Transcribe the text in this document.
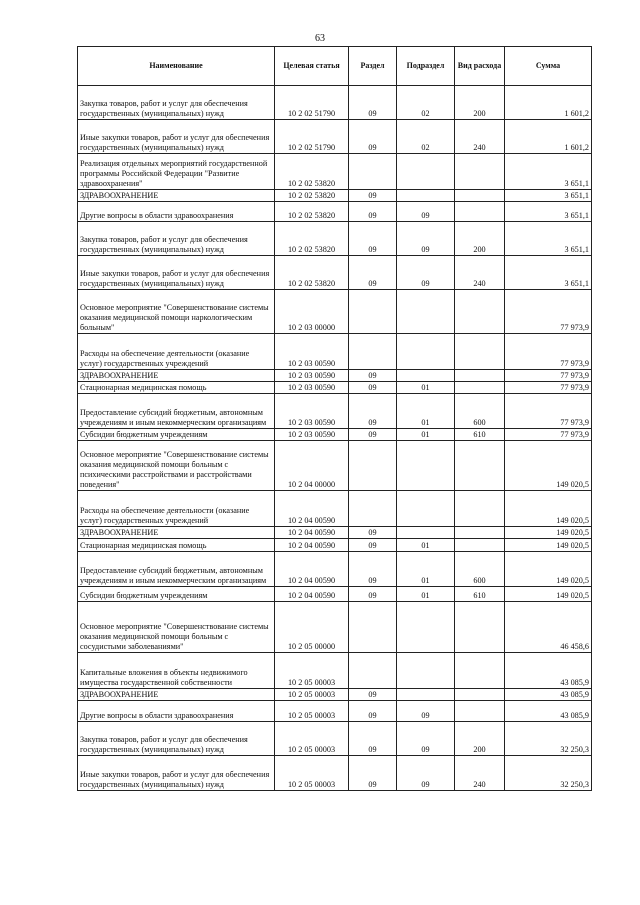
63
Наименование	Целевая статья	Раздел	Подраздел	Вид расхода	Сумма
Закупка товаров, работ и услуг для обеспечения государственных (муниципальных) нужд	10 2 02 51790	09	02	200	1 601,2
Иные закупки товаров, работ и услуг для обеспечения государственных (муниципальных) нужд	10 2 02 51790	09	02	240	1 601,2
Реализация отдельных мероприятий государственной программы Российской Федерации "Развитие здравоохранения"	10 2 02 53820				3 651,1
ЗДРАВООХРАНЕНИЕ	10 2 02 53820	09			3 651,1
Другие вопросы в области здравоохранения	10 2 02 53820	09	09		3 651,1
Закупка товаров, работ и услуг для обеспечения государственных (муниципальных) нужд	10 2 02 53820	09	09	200	3 651,1
Иные закупки товаров, работ и услуг для обеспечения государственных (муниципальных) нужд	10 2 02 53820	09	09	240	3 651,1
Основное мероприятие "Совершенствование системы оказания медицинской помощи наркологическим больным"	10 2 03 00000				77 973,9
Расходы на обеспечение деятельности (оказание услуг) государственных учреждений	10 2 03 00590				77 973,9
ЗДРАВООХРАНЕНИЕ	10 2 03 00590	09			77 973,9
Стационарная медицинская помощь	10 2 03 00590	09	01		77 973,9
Предоставление субсидий бюджетным, автономным учреждениям и иным некоммерческим организациям	10 2 03 00590	09	01	600	77 973,9
Субсидии бюджетным учреждениям	10 2 03 00590	09	01	610	77 973,9
Основное мероприятие "Совершенствование системы оказания медицинской помощи больным с психическими расстройствами и расстройствами поведения"	10 2 04 00000				149 020,5
Расходы на обеспечение деятельности (оказание услуг) государственных учреждений	10 2 04 00590				149 020,5
ЗДРАВООХРАНЕНИЕ	10 2 04 00590	09			149 020,5
Стационарная медицинская помощь	10 2 04 00590	09	01		149 020,5
Предоставление субсидий бюджетным, автономным учреждениям и иным некоммерческим организациям	10 2 04 00590	09	01	600	149 020,5
Субсидии бюджетным учреждениям	10 2 04 00590	09	01	610	149 020,5
Основное мероприятие "Совершенствование системы оказания медицинской помощи больным с сосудистыми заболеваниями"	10 2 05 00000				46 458,6
Капитальные вложения в объекты недвижимого имущества государственной собственности	10 2 05 00003				43 085,9
ЗДРАВООХРАНЕНИЕ	10 2 05 00003	09			43 085,9
Другие вопросы в области здравоохранения	10 2 05 00003	09	09		43 085,9
Закупка товаров, работ и услуг для обеспечения государственных (муниципальных) нужд	10 2 05 00003	09	09	200	32 250,3
Иные закупки товаров, работ и услуг для обеспечения государственных (муниципальных) нужд	10 2 05 00003	09	09	240	32 250,3
